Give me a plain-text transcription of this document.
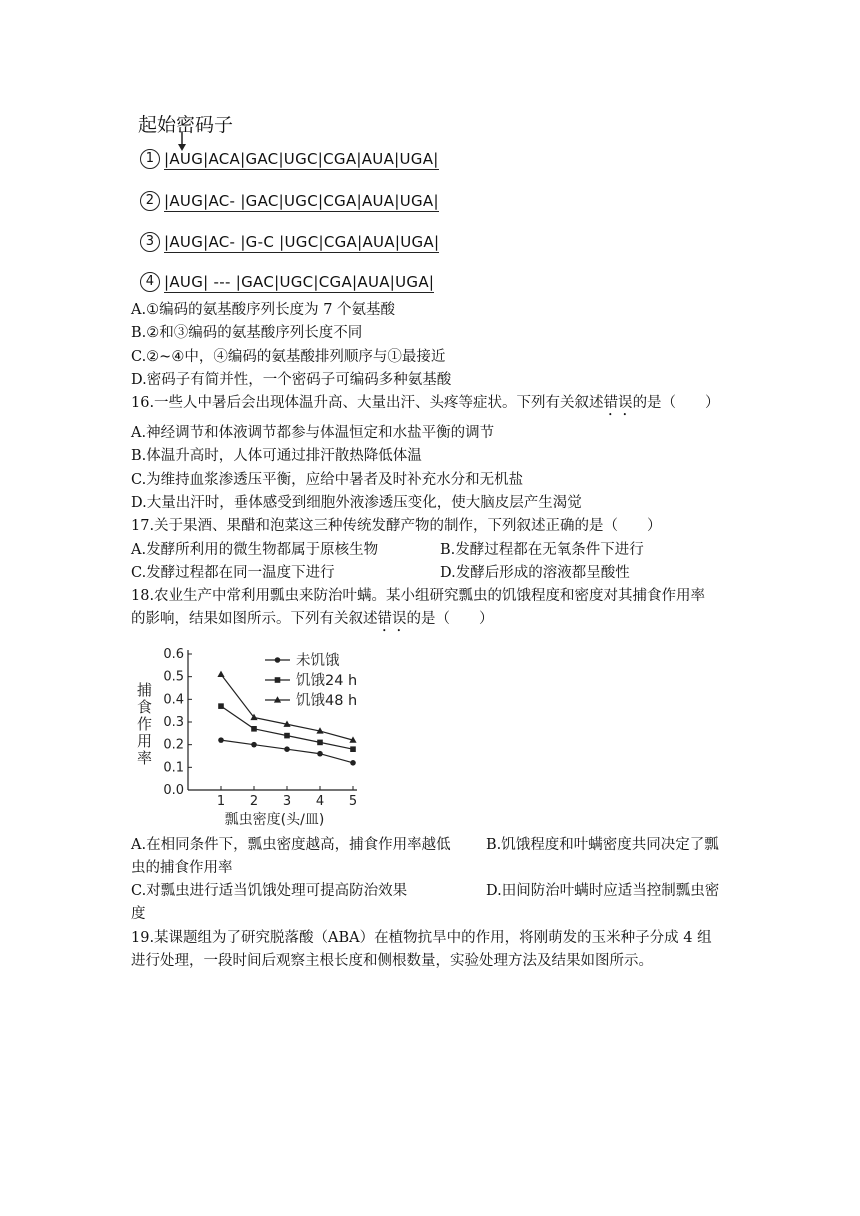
起始密码子
1 |AUG|ACA|GAC|UGC|CGA|AUA|UGA|
2 |AUG|AC- |GAC|UGC|CGA|AUA|UGA|
3 |AUG|AC- |G-C |UGC|CGA|AUA|UGA|
4 |AUG| --- |GAC|UGC|CGA|AUA|UGA|
A.①编码的氨基酸序列长度为 7 个氨基酸
B.②和③编码的氨基酸序列长度不同
C.②~④中，④编码的氨基酸排列顺序与①最接近
D.密码子有简并性，一个密码子可编码多种氨基酸
16.一些人中暑后会出现体温升高、大量出汗、头疼等症状。下列有关叙述错误的是（　　）
A.神经调节和体液调节都参与体温恒定和水盐平衡的调节
B.体温升高时，人体可通过排汗散热降低体温
C.为维持血浆渗透压平衡，应给中暑者及时补充水分和无机盐
D.大量出汗时，垂体感受到细胞外液渗透压变化，使大脑皮层产生渴觉
17.关于果酒、果醋和泡菜这三种传统发酵产物的制作，下列叙述正确的是（　　）
A.发酵所利用的微生物都属于原核生物	B.发酵过程都在无氧条件下进行
C.发酵过程都在同一温度下进行	D.发酵后形成的溶液都呈酸性
18.农业生产中常利用瓢虫来防治叶螨。某小组研究瓢虫的饥饿程度和密度对其捕食作用率
的影响，结果如图所示。下列有关叙述错误的是（　　）
0.0
0.1
0.2
0.3
0.4
0.5
0.6
1 2 3 4 5
瓢虫密度(头/皿)
捕食作用率
未饥饿
饥饿24 h
饥饿48 h
A.在相同条件下，瓢虫密度越高，捕食作用率越低 B.饥饿程度和叶螨密度共同决定了瓢
虫的捕食作用率
C.对瓢虫进行适当饥饿处理可提高防治效果	D.田间防治叶螨时应适当控制瓢虫密
度
19.某课题组为了研究脱落酸（ABA）在植物抗旱中的作用，将刚萌发的玉米种子分成 4 组
进行处理，一段时间后观察主根长度和侧根数量，实验处理方法及结果如图所示。
